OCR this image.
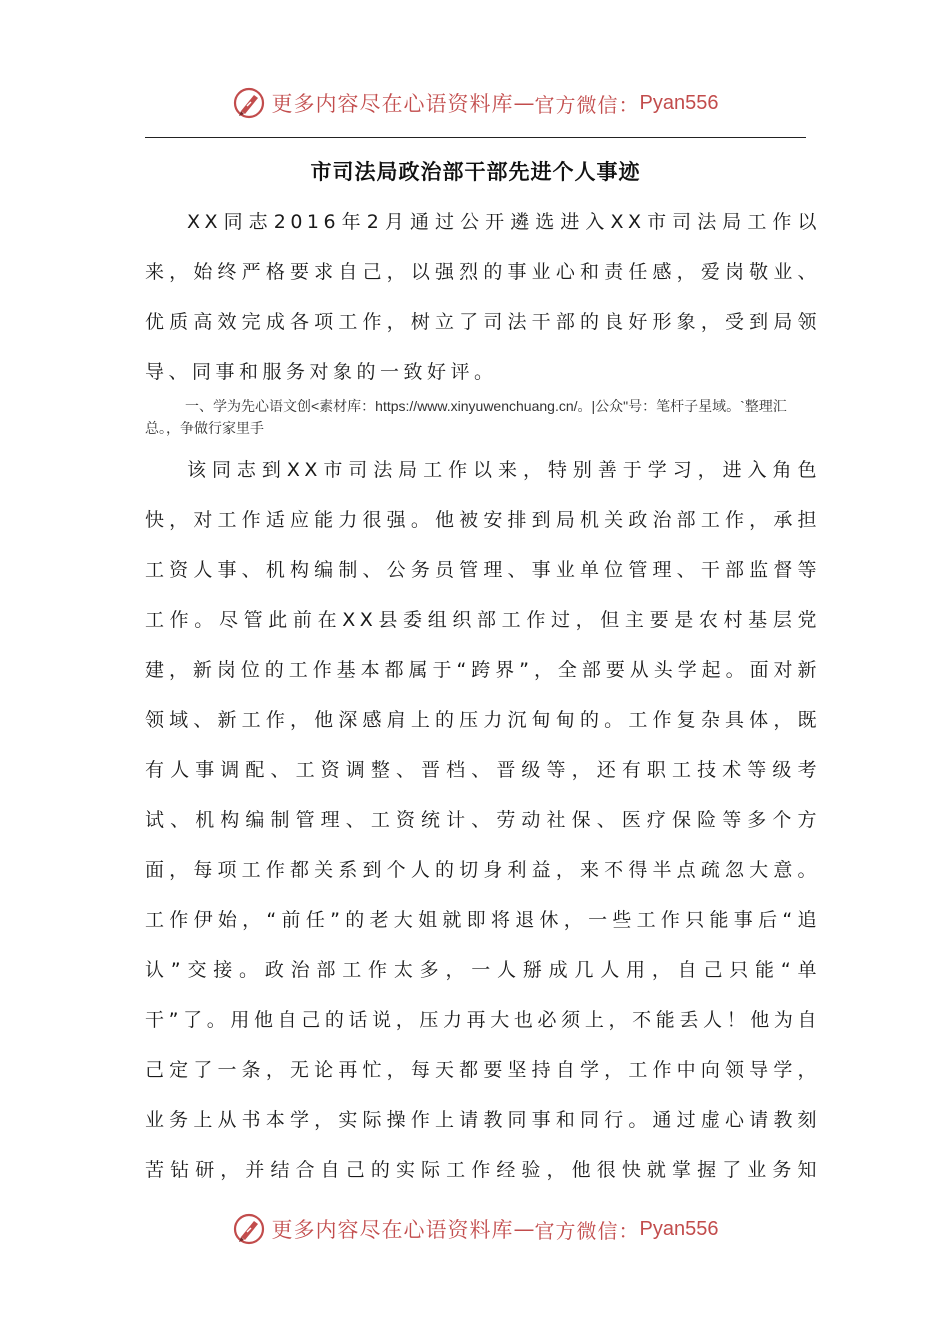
更多内容尽在心语资料库 — 官方微信： Pyan556
市司法局政治部干部先进个人事迹
XX同志2016年2月通过公开遴选进入XX市司法局工作以来，始终严格要求自己，以强烈的事业心和责任感，爱岗敬业、优质高效完成各项工作，树立了司法干部的良好形象，受到局领导、同事和服务对象的一致好评。
一、学为先心语文创<素材库：https://www.xinyuwenchuang.cn/。|公众"号：笔杆子星域。`整理汇总。，争做行家里手
该同志到XX市司法局工作以来，特别善于学习，进入角色快，对工作适应能力很强。他被安排到局机关政治部工作，承担工资人事、机构编制、公务员管理、事业单位管理、干部监督等工作。尽管此前在XX县委组织部工作过，但主要是农村基层党建，新岗位的工作基本都属于“跨界”，全部要从头学起。面对新领域、新工作，他深感肩上的压力沉甸甸的。工作复杂具体，既有人事调配、工资调整、晋档、晋级等，还有职工技术等级考试、机构编制管理、工资统计、劳动社保、医疗保险等多个方面，每项工作都关系到个人的切身利益，来不得半点疏忽大意。工作伊始，“前任”的老大姐就即将退休，一些工作只能事后“追认”交接。政治部工作太多，一人掰成几人用，自己只能“单干”了。用他自己的话说，压力再大也必须上，不能丢人！他为自己定了一条，无论再忙，每天都要坚持自学，工作中向领导学，业务上从书本学，实际操作上请教同事和同行。通过虚心请教刻苦钻研，并结合自己的实际工作经验，他很快就掌握了业务知
更多内容尽在心语资料库 — 官方微信： Pyan556
